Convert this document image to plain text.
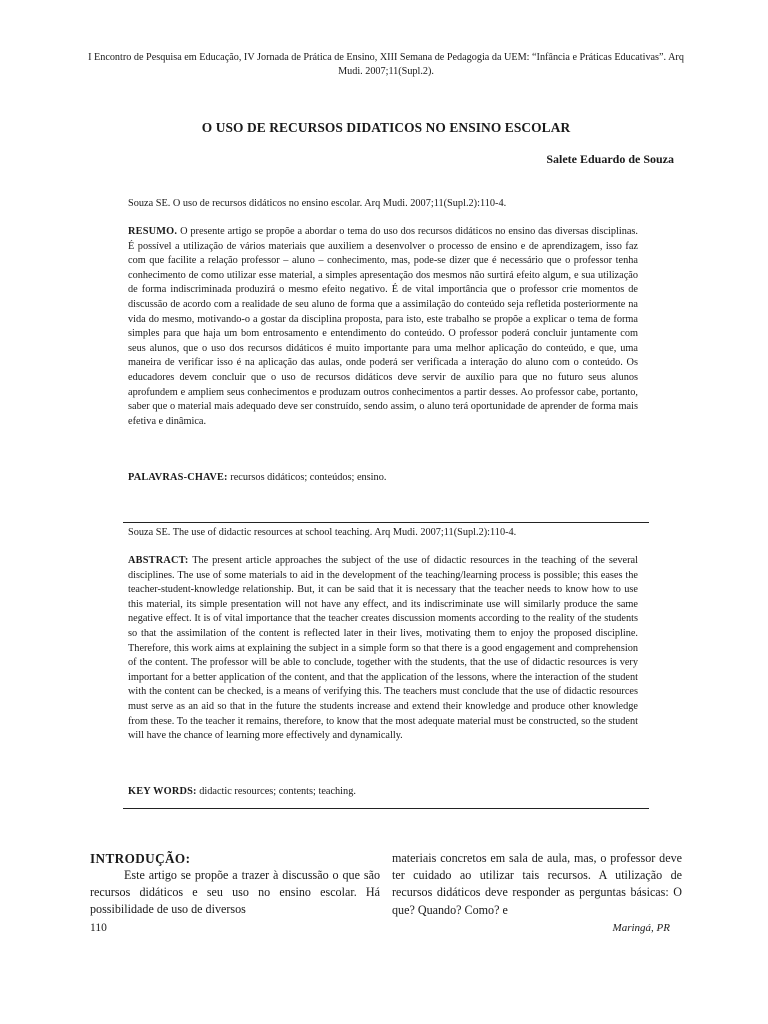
I Encontro de Pesquisa em Educação, IV Jornada de Prática de Ensino, XIII Semana de Pedagogia da UEM: “Infância e Práticas Educativas”. Arq Mudi. 2007;11(Supl.2).
O USO DE RECURSOS DIDATICOS NO ENSINO ESCOLAR
Salete Eduardo de Souza
Souza SE. O uso de recursos didáticos no ensino escolar. Arq Mudi. 2007;11(Supl.2):110-4.

RESUMO. O presente artigo se propõe a abordar o tema do uso dos recursos didáticos no ensino das diversas disciplinas. É possível a utilização de vários materiais que auxiliem a desenvolver o processo de ensino e de aprendizagem, isso faz com que facilite a relação professor – aluno – conhecimento, mas, pode-se dizer que é necessário que o professor tenha conhecimento de como utilizar esse material, a simples apresentação dos mesmos não surtirá efeito algum, e sua utilização de forma indiscriminada produzirá o mesmo efeito negativo. É de vital importância que o professor crie momentos de discussão de acordo com a realidade de seu aluno de forma que a assimilação do conteúdo seja refletida posteriormente na vida do mesmo, motivando-o a gostar da disciplina proposta, para isto, este trabalho se propõe a explicar o tema de forma simples para que haja um bom entrosamento e entendimento do conteúdo. O professor poderá concluir juntamente com seus alunos, que o uso dos recursos didáticos é muito importante para uma melhor aplicação do conteúdo, e que, uma maneira de verificar isso é na aplicação das aulas, onde poderá ser verificada a interação do aluno com o conteúdo. Os educadores devem concluir que o uso de recursos didáticos deve servir de auxílio para que no futuro seus alunos aprofundem e ampliem seus conhecimentos e produzam outros conhecimentos a partir desses. Ao professor cabe, portanto, saber que o material mais adequado deve ser construído, sendo assim, o aluno terá oportunidade de aprender de forma mais efetiva e dinâmica.

PALAVRAS-CHAVE: recursos didáticos; conteúdos; ensino.

Souza SE. The use of didactic resources at school teaching. Arq Mudi. 2007;11(Supl.2):110-4.

ABSTRACT: The present article approaches the subject of the use of didactic resources in the teaching of the several disciplines. The use of some materials to aid in the development of the teaching/learning process is possible; this eases the teacher-student-knowledge relationship. But, it can be said that it is necessary that the teacher needs to know how to use this material, its simple presentation will not have any effect, and its indiscriminate use will similarly produce the same negative effect. It is of vital importance that the teacher creates discussion moments according to the reality of the students so that the assimilation of the content is reflected later in their lives, motivating them to enjoy the proposed discipline. Therefore, this work aims at explaining the subject in a simple form so that there is a good engagement and comprehension of the content. The professor will be able to conclude, together with the students, that the use of didactic resources is very important for a better application of the content, and that the application of the lessons, where the interaction of the student with the content can be checked, is a means of verifying this. The teachers must conclude that the use of didactic resources must serve as an aid so that in the future the students increase and extend their knowledge and produce other knowledge from these. To the teacher it remains, therefore, to know that the most adequate material must be constructed, so the student will have the chance of learning more effectively and dynamically.

KEY WORDS: didactic resources; contents; teaching.

INTRODUÇÃO:

Este artigo se propõe a trazer à discussão o que são recursos didáticos e seu uso no ensino escolar. Há possibilidade de uso de diversos

materiais concretos em sala de aula, mas, o professor deve ter cuidado ao utilizar tais recursos. A utilização de recursos didáticos deve responder as perguntas básicas: O que? Quando? Como? e

110	Maringá, PR
